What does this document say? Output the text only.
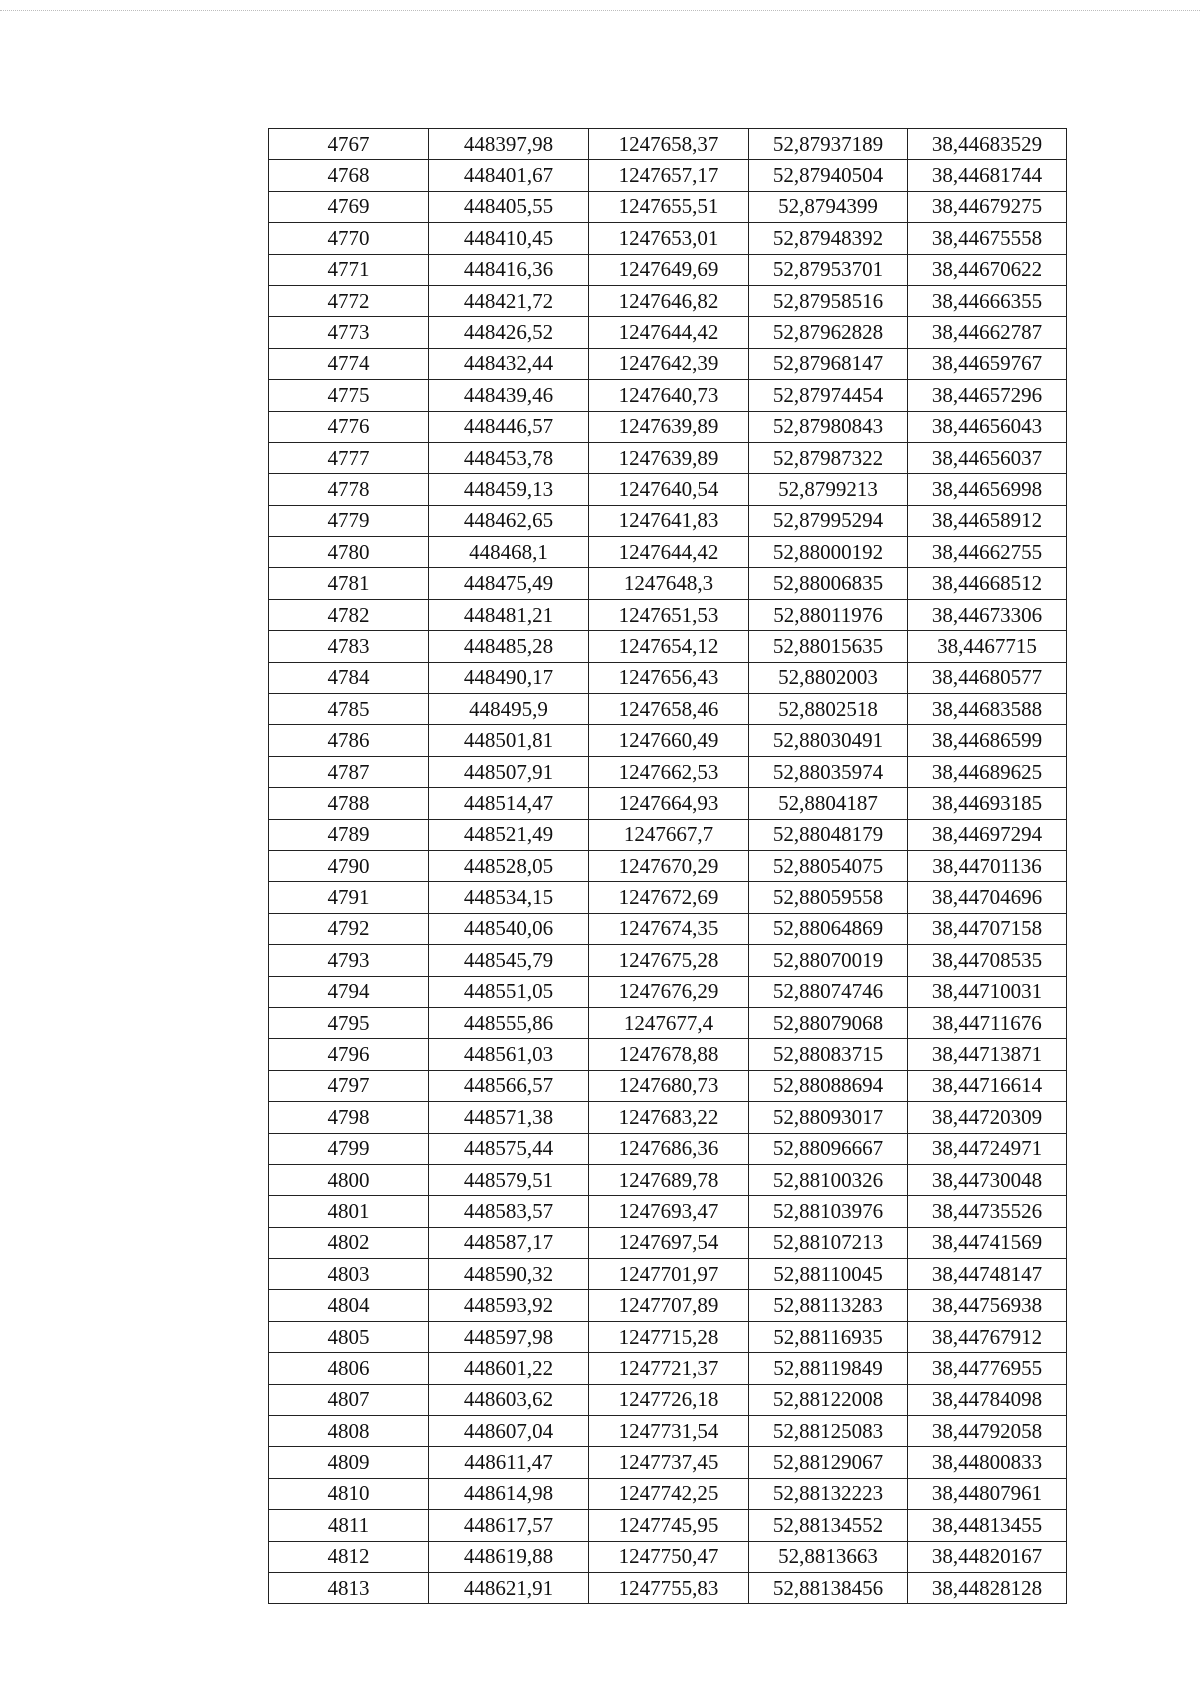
4767	448397,98	1247658,37	52,87937189	38,44683529
4768	448401,67	1247657,17	52,87940504	38,44681744
4769	448405,55	1247655,51	52,8794399	38,44679275
4770	448410,45	1247653,01	52,87948392	38,44675558
4771	448416,36	1247649,69	52,87953701	38,44670622
4772	448421,72	1247646,82	52,87958516	38,44666355
4773	448426,52	1247644,42	52,87962828	38,44662787
4774	448432,44	1247642,39	52,87968147	38,44659767
4775	448439,46	1247640,73	52,87974454	38,44657296
4776	448446,57	1247639,89	52,87980843	38,44656043
4777	448453,78	1247639,89	52,87987322	38,44656037
4778	448459,13	1247640,54	52,8799213	38,44656998
4779	448462,65	1247641,83	52,87995294	38,44658912
4780	448468,1	1247644,42	52,88000192	38,44662755
4781	448475,49	1247648,3	52,88006835	38,44668512
4782	448481,21	1247651,53	52,88011976	38,44673306
4783	448485,28	1247654,12	52,88015635	38,4467715
4784	448490,17	1247656,43	52,8802003	38,44680577
4785	448495,9	1247658,46	52,8802518	38,44683588
4786	448501,81	1247660,49	52,88030491	38,44686599
4787	448507,91	1247662,53	52,88035974	38,44689625
4788	448514,47	1247664,93	52,8804187	38,44693185
4789	448521,49	1247667,7	52,88048179	38,44697294
4790	448528,05	1247670,29	52,88054075	38,44701136
4791	448534,15	1247672,69	52,88059558	38,44704696
4792	448540,06	1247674,35	52,88064869	38,44707158
4793	448545,79	1247675,28	52,88070019	38,44708535
4794	448551,05	1247676,29	52,88074746	38,44710031
4795	448555,86	1247677,4	52,88079068	38,44711676
4796	448561,03	1247678,88	52,88083715	38,44713871
4797	448566,57	1247680,73	52,88088694	38,44716614
4798	448571,38	1247683,22	52,88093017	38,44720309
4799	448575,44	1247686,36	52,88096667	38,44724971
4800	448579,51	1247689,78	52,88100326	38,44730048
4801	448583,57	1247693,47	52,88103976	38,44735526
4802	448587,17	1247697,54	52,88107213	38,44741569
4803	448590,32	1247701,97	52,88110045	38,44748147
4804	448593,92	1247707,89	52,88113283	38,44756938
4805	448597,98	1247715,28	52,88116935	38,44767912
4806	448601,22	1247721,37	52,88119849	38,44776955
4807	448603,62	1247726,18	52,88122008	38,44784098
4808	448607,04	1247731,54	52,88125083	38,44792058
4809	448611,47	1247737,45	52,88129067	38,44800833
4810	448614,98	1247742,25	52,88132223	38,44807961
4811	448617,57	1247745,95	52,88134552	38,44813455
4812	448619,88	1247750,47	52,8813663	38,44820167
4813	448621,91	1247755,83	52,88138456	38,44828128
